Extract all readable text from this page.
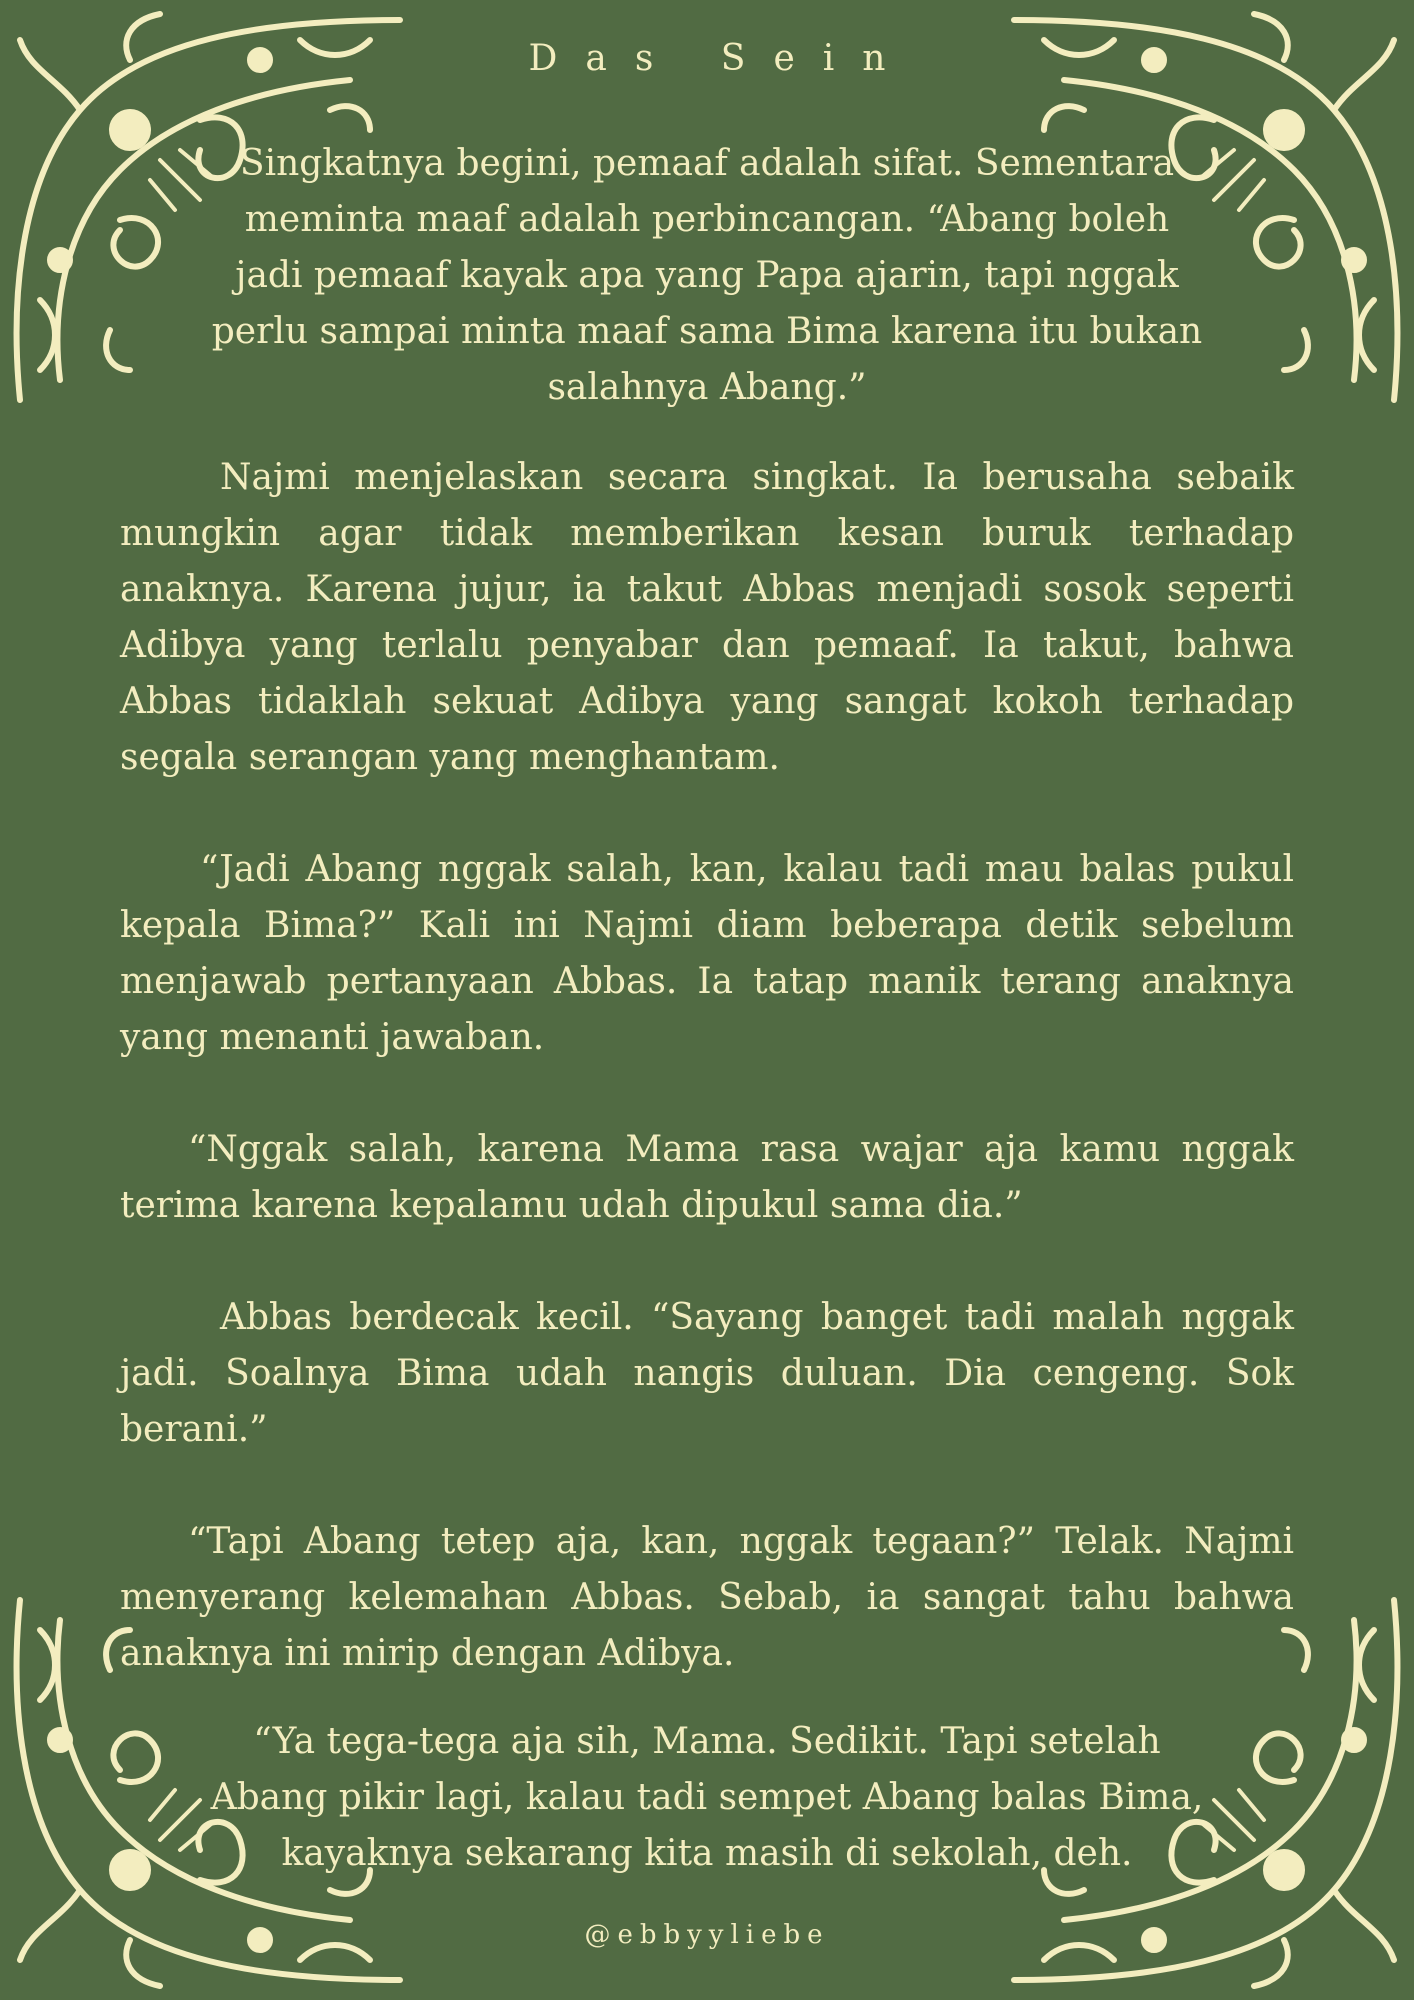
Das Sein

Singkatnya begini, pemaaf adalah sifat. Sementara meminta maaf adalah perbincangan. “Abang boleh jadi pemaaf kayak apa yang Papa ajarin, tapi nggak perlu sampai minta maaf sama Bima karena itu bukan salahnya Abang.”

Najmi menjelaskan secara singkat. Ia berusaha sebaik mungkin agar tidak memberikan kesan buruk terhadap anaknya. Karena jujur, ia takut Abbas menjadi sosok seperti Adibya yang terlalu penyabar dan pemaaf. Ia takut, bahwa Abbas tidaklah sekuat Adibya yang sangat kokoh terhadap segala serangan yang menghantam.

“Jadi Abang nggak salah, kan, kalau tadi mau balas pukul kepala Bima?” Kali ini Najmi diam beberapa detik sebelum menjawab pertanyaan Abbas. Ia tatap manik terang anaknya yang menanti jawaban.

“Nggak salah, karena Mama rasa wajar aja kamu nggak terima karena kepalamu udah dipukul sama dia.”

Abbas berdecak kecil. “Sayang banget tadi malah nggak jadi. Soalnya Bima udah nangis duluan. Dia cengeng. Sok berani.”

“Tapi Abang tetep aja, kan, nggak tegaan?” Telak. Najmi menyerang kelemahan Abbas. Sebab, ia sangat tahu bahwa anaknya ini mirip dengan Adibya.

“Ya tega-tega aja sih, Mama. Sedikit. Tapi setelah Abang pikir lagi, kalau tadi sempet Abang balas Bima, kayaknya sekarang kita masih di sekolah, deh.

@ebbyyliebe
